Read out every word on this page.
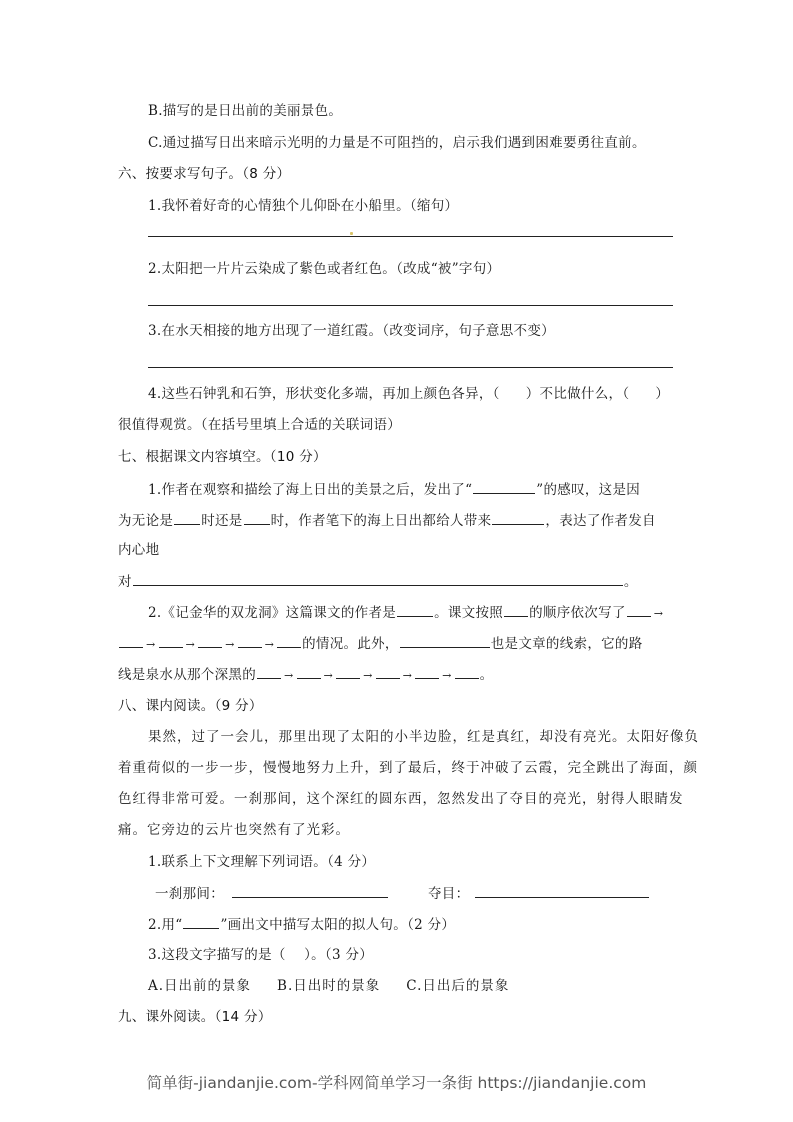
B.描写的是日出前的美丽景色。
C.通过描写日出来暗示光明的力量是不可阻挡的，启示我们遇到困难要勇往直前。
六、按要求写句子。（8 分）
1.我怀着好奇的心情独个儿仰卧在小船里。（缩句）
2.太阳把一片片云染成了紫色或者红色。（改成“被”字句）
3.在水天相接的地方出现了一道红霞。（改变词序，句子意思不变）
4.这些石钟乳和石笋，形状变化多端，再加上颜色各异，（ ）不比做什么，（ ）
很值得观赏。（在括号里填上合适的关联词语）
七、根据课文内容填空。（10 分）
1.作者在观察和描绘了海上日出的美景之后，发出了“	”的感叹，这是因
为无论是 时还是 时，作者笔下的海上日出都给人带来	，表达了作者发自
内心地
对	。
2.《记金华的双龙洞》这篇课文的作者是	。课文按照 的顺序依次写了	→
→	→	→	→ 的情况。此外，	也是文章的线索，它的路
线是泉水从那个深黑的	→	→	→	→	→ 。
八、课内阅读。（9 分）
果然，过了一会儿，那里出现了太阳的小半边脸，红是真红，却没有亮光。太阳好像负
着重荷似的一步一步，慢慢地努力上升，到了最后，终于冲破了云霞，完全跳出了海面，颜
色红得非常可爱。一刹那间，这个深红的圆东西，忽然发出了夺目的亮光，射得人眼睛发
痛。它旁边的云片也突然有了光彩。
1.联系上下文理解下列词语。（4 分）
一刹那间：	夺目：
2.用“	”画出文中描写太阳的拟人句。（2 分）
3.这段文字描写的是（　 ）。（3 分）
A.日出前的景象 B.日出时的景象 C.日出后的景象
九、课外阅读。（14 分）
简单街-jiandanjie.com-学科网简单学习一条街 https://jiandanjie.com
